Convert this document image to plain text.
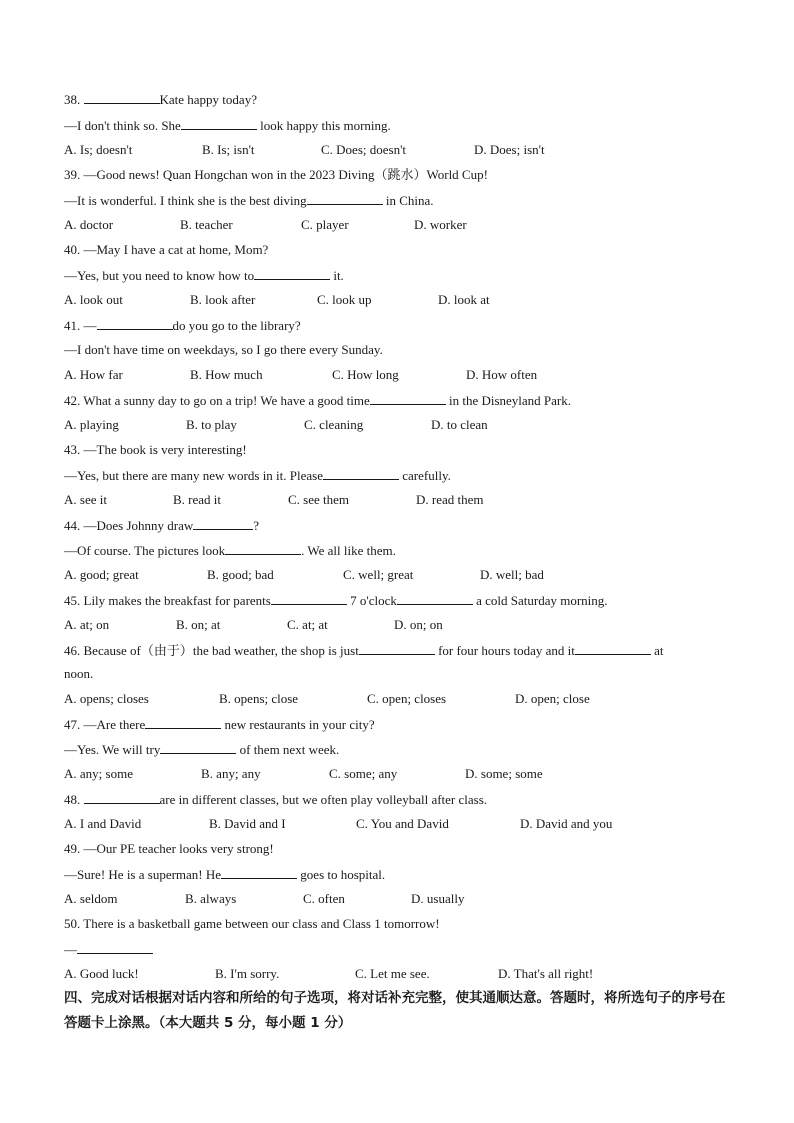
38.	Kate happy today?
—I don't think so. She	look happy this morning.
A. Is; doesn't	B. Is; isn't	C. Does; doesn't	D. Does; isn't
39. —Good news! Quan Hongchan won in the 2023 Diving（跳水）World Cup!
—It is wonderful. I think she is the best diving	in China.
A. doctor	B. teacher	C. player	D. worker
40. —May I have a cat at home, Mom?
—Yes, but you need to know how to	it.
A. look out	B. look after	C. look up	D. look at
41. —	do you go to the library?
—I don't have time on weekdays, so I go there every Sunday.
A. How far	B. How much	C. How long	D. How often
42. What a sunny day to go on a trip! We have a good time	in the Disneyland Park.
A. playing	B. to play	C. cleaning	D. to clean
43. —The book is very interesting!
—Yes, but there are many new words in it. Please	carefully.
A. see it	B. read it	C. see them	D. read them
44. —Does Johnny draw	?
—Of course. The pictures look	. We all like them.
A. good; great	B. good; bad	C. well; great	D. well; bad
45. Lily makes the breakfast for parents	7 o'clock	a cold Saturday morning.
A. at; on	B. on; at	C. at; at	D. on; on
46. Because of（由于）the bad weather, the shop is just	for four hours today and it	at
noon.
A. opens; closes	B. opens; close	C. open; closes	D. open; close
47. —Are there	new restaurants in your city?
—Yes. We will try	of them next week.
A. any; some	B. any; any	C. some; any	D. some; some
48.	are in different classes, but we often play volleyball after class.
A. I and David	B. David and I	C. You and David	D. David and you
49. —Our PE teacher looks very strong!
—Sure! He is a superman! He	goes to hospital.
A. seldom	B. always	C. often	D. usually
50. There is a basketball game between our class and Class 1 tomorrow!
—
A. Good luck!	B. I'm sorry.	C. Let me see.	D. That's all right!
四、完成对话根据对话内容和所给的句子选项，将对话补充完整，使其通顺达意。答题时，将所选句子的序号在答题卡上涂黑。（本大题共 5 分，每小题 1 分）
